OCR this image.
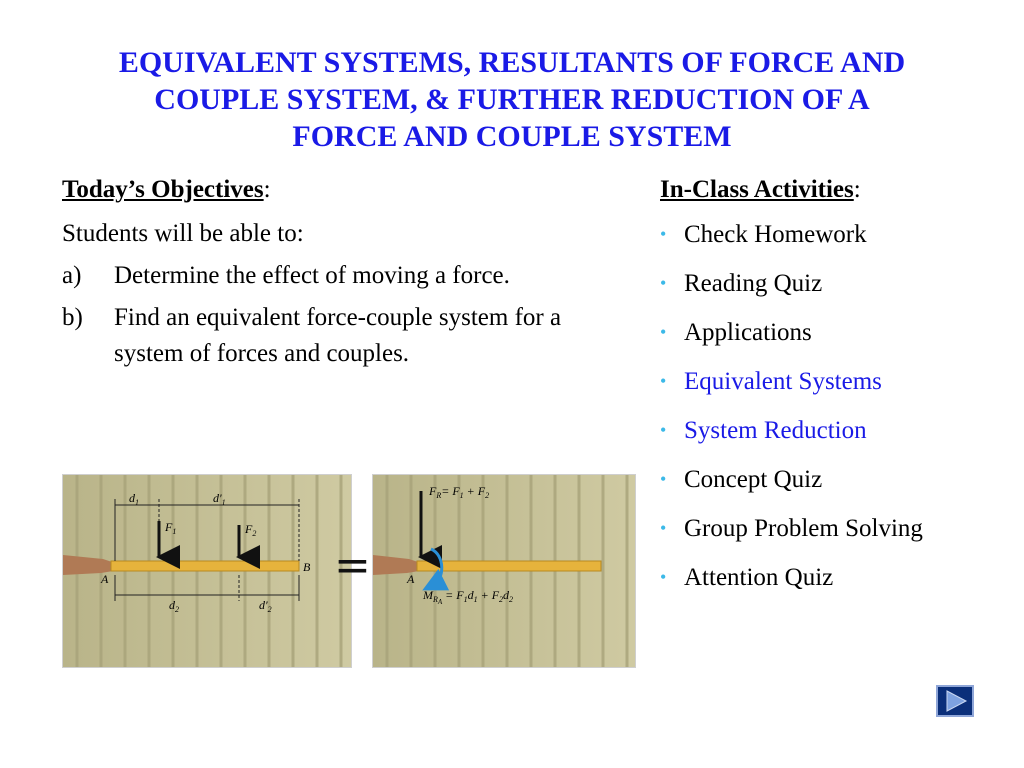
EQUIVALENT SYSTEMS, RESULTANTS OF FORCE AND
COUPLE SYSTEM, & FURTHER REDUCTION OF A
FORCE AND COUPLE SYSTEM
Today’s Objectives:
Students will be able to:
a) Determine the effect of moving a force.
b) Find an equivalent force-couple system for a system of forces and couples.
In-Class Activities:
• Check Homework
• Reading Quiz
• Applications
• Equivalent Systems
• System Reduction
• Concept Quiz
• Group Problem Solving
• Attention Quiz
$d_1$	$d'_1$
$F_1$	$F_2$
A
B
$d_2$	$d'_2$
=
$F_R= F_1 + F_2$
A
$M_RA = F_1d_1 + F_2d_2$
